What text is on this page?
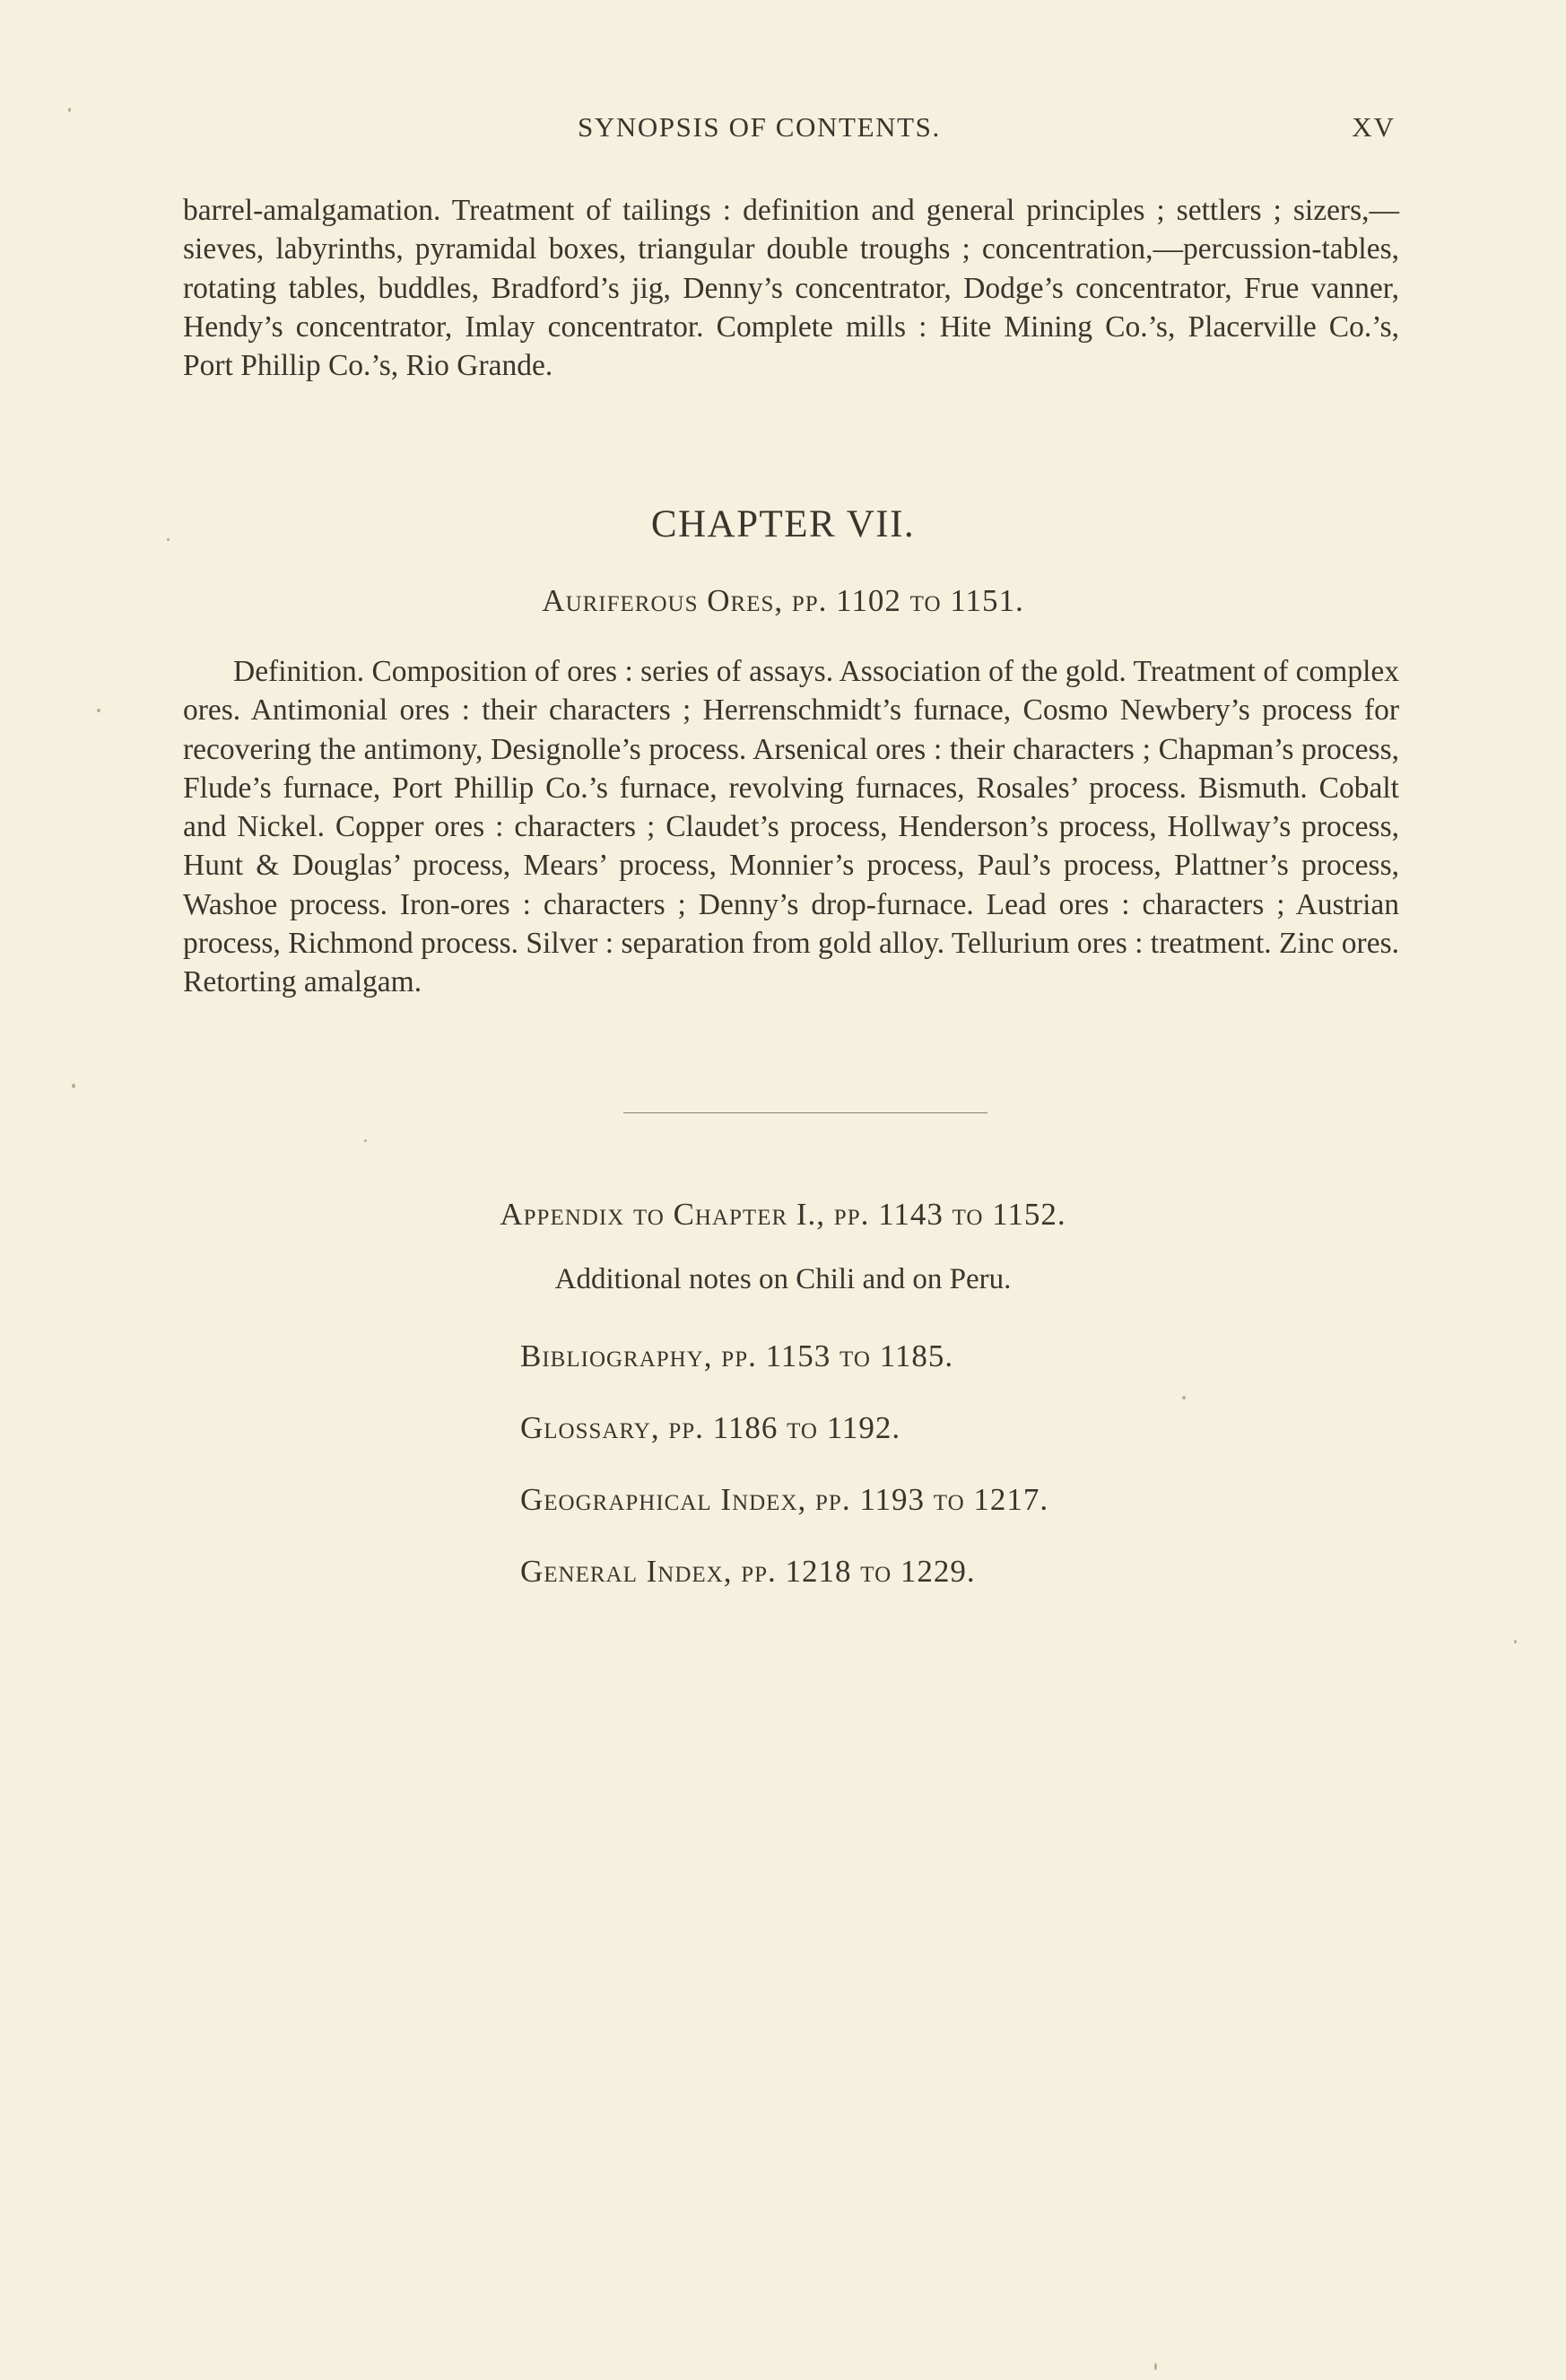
SYNOPSIS OF CONTENTS.	XV

barrel-amalgamation. Treatment of tailings : definition and general principles ; settlers ; sizers,—sieves, labyrinths, pyramidal boxes, triangular double troughs ; concentration,—percussion-tables, rotating tables, buddles, Bradford’s jig, Denny’s concentrator, Dodge’s concentrator, Frue vanner, Hendy’s concentrator, Imlay concentrator. Complete mills : Hite Mining Co.’s, Placerville Co.’s, Port Phillip Co.’s, Rio Grande.

CHAPTER VII.
Auriferous Ores, pp. 1102 to 1151.

Definition. Composition of ores : series of assays. Association of the gold. Treatment of complex ores. Antimonial ores : their characters ; Herrenschmidt’s furnace, Cosmo Newbery’s process for recovering the antimony, Designolle’s process. Arsenical ores : their characters ; Chapman’s process, Flude’s furnace, Port Phillip Co.’s furnace, revolving furnaces, Rosales’ process. Bismuth. Cobalt and Nickel. Copper ores : characters ; Claudet’s process, Henderson’s process, Hollway’s process, Hunt & Douglas’ process, Mears’ process, Monnier’s process, Paul’s process, Plattner’s process, Washoe process. Iron-ores : characters ; Denny’s drop-furnace. Lead ores : characters ; Austrian process, Richmond process. Silver : separation from gold alloy. Tellurium ores : treatment. Zinc ores. Retorting amalgam.

Appendix to Chapter I., pp. 1143 to 1152.
Additional notes on Chili and on Peru.
Bibliography, pp. 1153 to 1185.
Glossary, pp. 1186 to 1192.
Geographical Index, pp. 1193 to 1217.
General Index, pp. 1218 to 1229.
